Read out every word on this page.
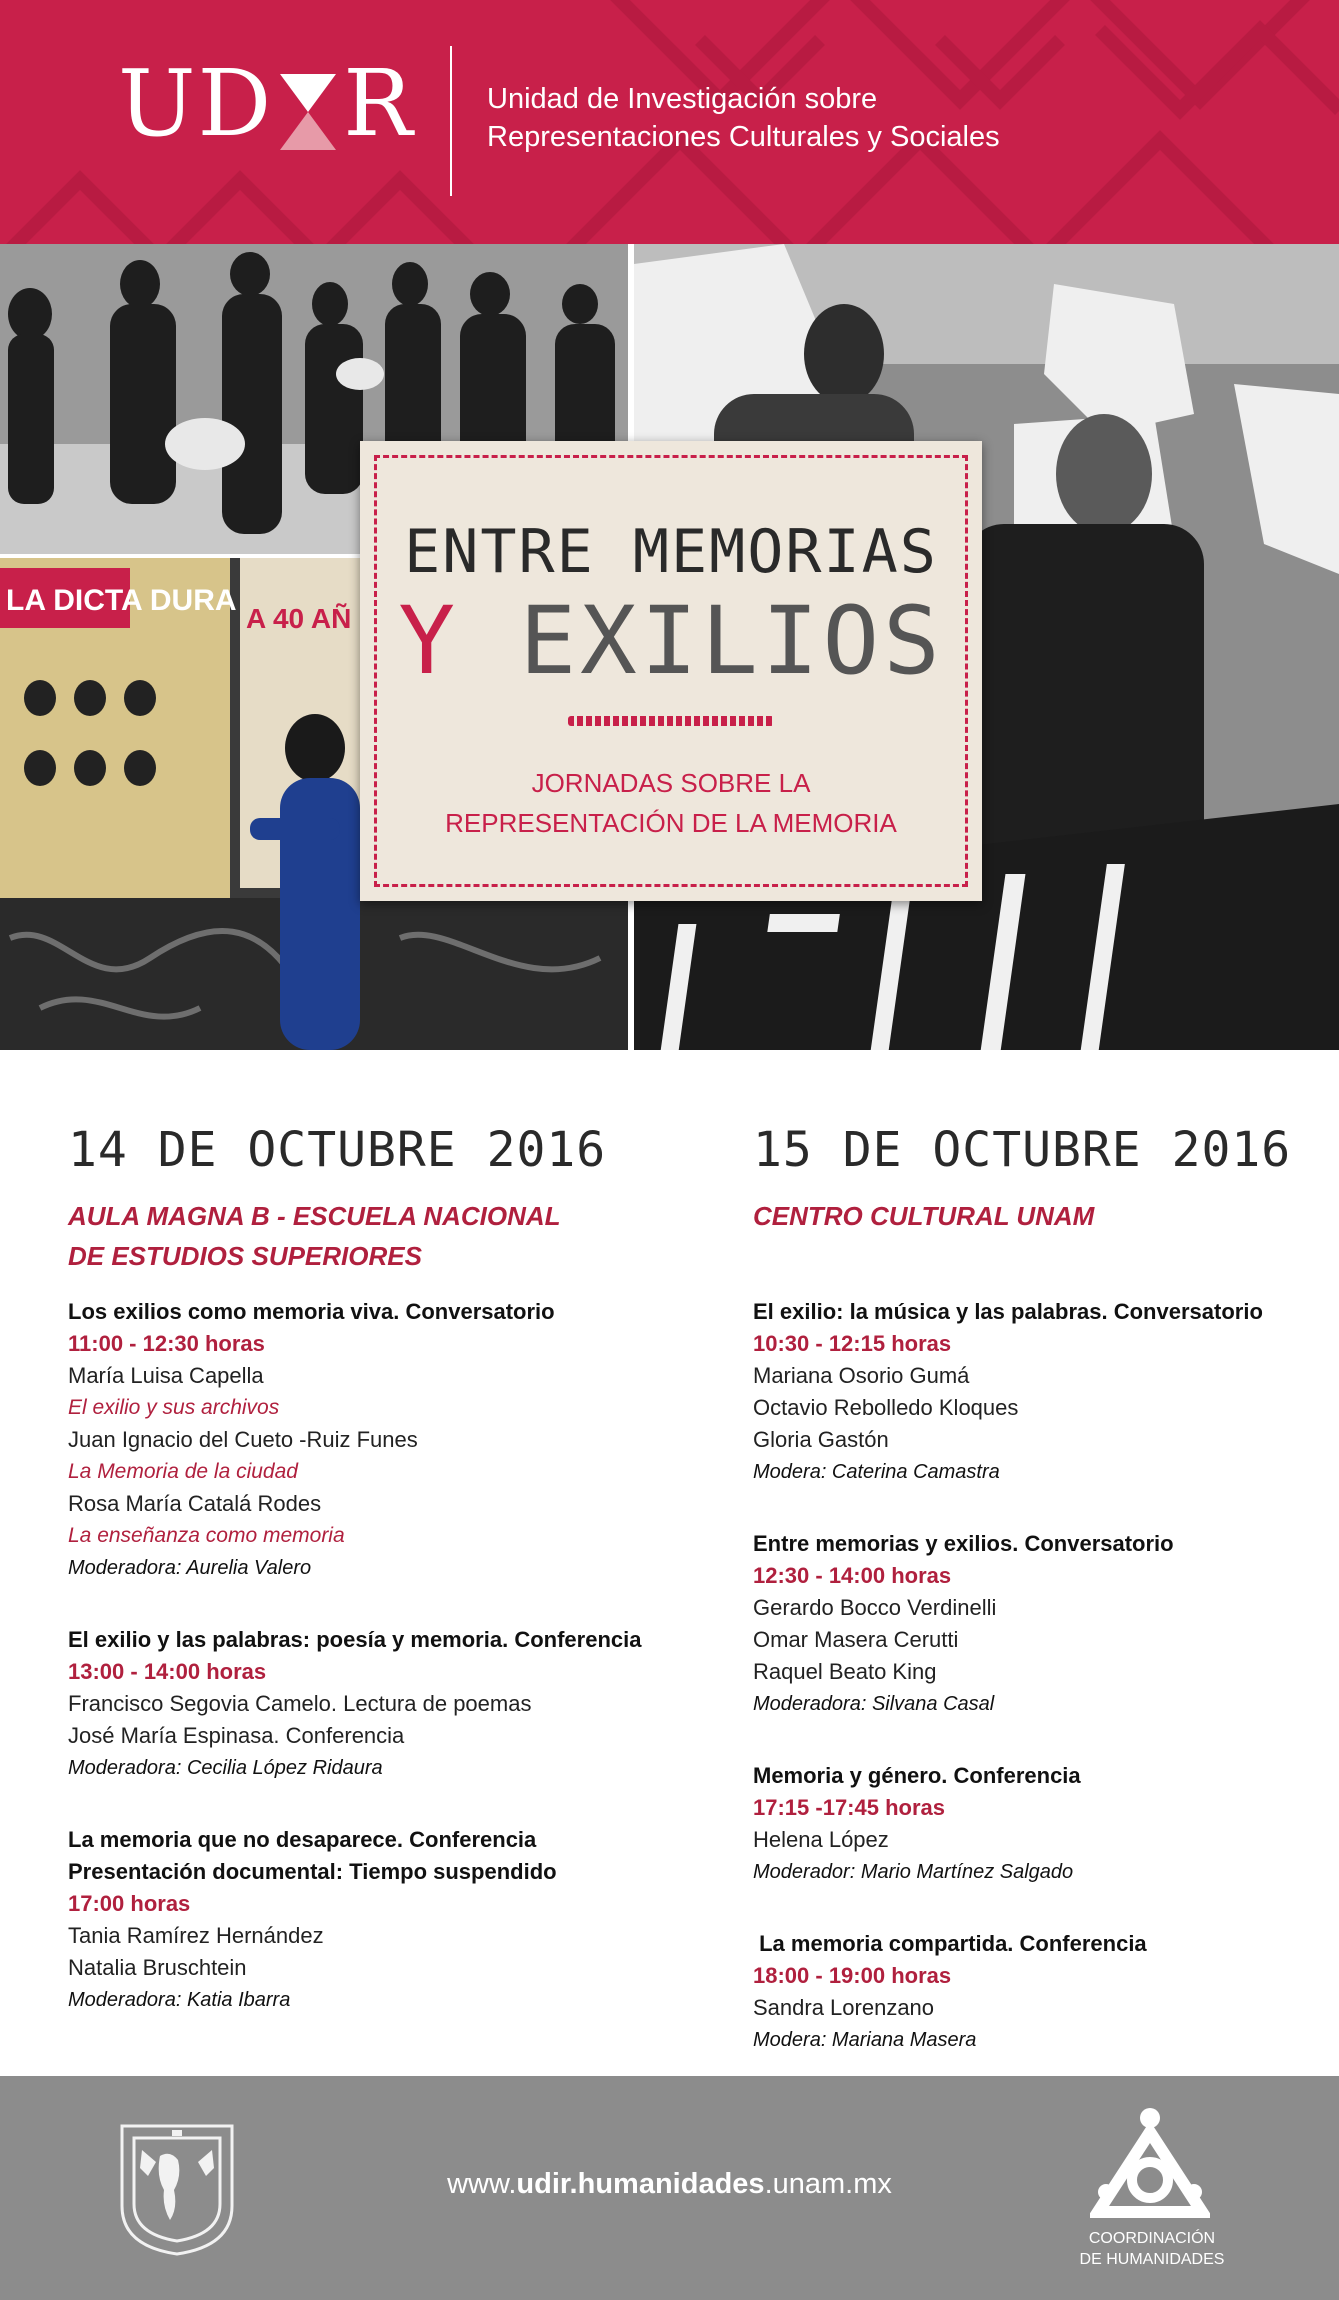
UD R Unidad de Investigación sobre
Representaciones Culturales y Sociales
LA DICTA DURA
A 40 AÑ
ENTRE MEMORIAS
Y EXILIOS
JORNADAS SOBRE LA
REPRESENTACIÓN DE LA MEMORIA
14 DE OCTUBRE 2016
AULA MAGNA B - ESCUELA NACIONAL
DE ESTUDIOS SUPERIORES
Los exilios como memoria viva. Conversatorio
11:00 - 12:30 horas
María Luisa Capella
El exilio y sus archivos
Juan Ignacio del Cueto -Ruiz Funes
La Memoria de la ciudad
Rosa María Catalá Rodes
La enseñanza como memoria
Moderadora: Aurelia Valero
El exilio y las palabras: poesía y memoria. Conferencia
13:00 - 14:00 horas
Francisco Segovia Camelo. Lectura de poemas
José María Espinasa. Conferencia
Moderadora: Cecilia López Ridaura
La memoria que no desaparece. Conferencia
Presentación documental: Tiempo suspendido
17:00 horas
Tania Ramírez Hernández
Natalia Bruschtein
Moderadora: Katia Ibarra
15 DE OCTUBRE 2016
CENTRO CULTURAL UNAM
El exilio: la música y las palabras. Conversatorio
10:30 - 12:15 horas
Mariana Osorio Gumá
Octavio Rebolledo Kloques
Gloria Gastón
Modera: Caterina Camastra
Entre memorias y exilios. Conversatorio
12:30 - 14:00 horas
Gerardo Bocco Verdinelli
Omar Masera Cerutti
Raquel Beato King
Moderadora: Silvana Casal
Memoria y género. Conferencia
17:15 -17:45 horas
Helena López
Moderador: Mario Martínez Salgado
La memoria compartida. Conferencia
18:00 - 19:00 horas
Sandra Lorenzano
Modera: Mariana Masera
www.udir.humanidades.unam.mx
COORDINACIÓN
DE HUMANIDADES
